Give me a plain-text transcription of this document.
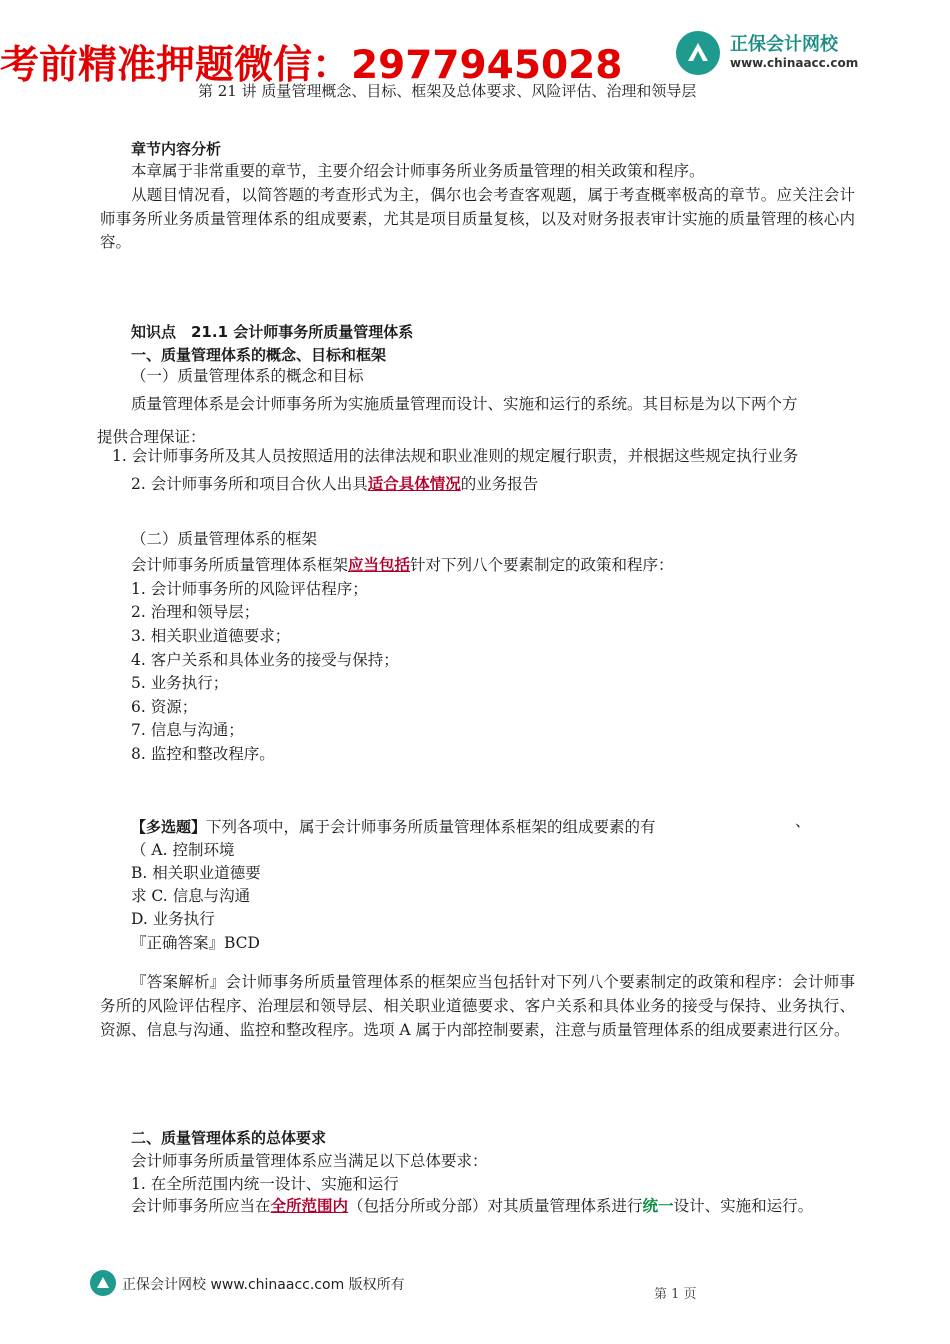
考前精准押题微信：2977945028	正保会计网校
www.chinaacc.com
第 21 讲 质量管理概念、目标、框架及总体要求、风险评估、治理和领导层
章节内容分析
本章属于非常重要的章节，主要介绍会计师事务所业务质量管理的相关政策和程序。
从题目情况看，以简答题的考查形式为主，偶尔也会考查客观题，属于考查概率极高的章节。应关注会计师事务所业务质量管理体系的组成要素，尤其是项目质量复核，以及对财务报表审计实施的质量管理的核心内容。
知识点　21.1 会计师事务所质量管理体系
一、质量管理体系的概念、目标和框架
（一）质量管理体系的概念和目标
质量管理体系是会计师事务所为实施质量管理而设计、实施和运行的系统。其目标是为以下两个方
提供合理保证：
1. 会计师事务所及其人员按照适用的法律法规和职业准则的规定履行职责，并根据这些规定执行业务
2. 会计师事务所和项目合伙人出具适合具体情况的业务报告
（二）质量管理体系的框架
会计师事务所质量管理体系框架应当包括针对下列八个要素制定的政策和程序：
1. 会计师事务所的风险评估程序；
2. 治理和领导层；
3. 相关职业道德要求；
4. 客户关系和具体业务的接受与保持；
5. 业务执行；
6. 资源；
7. 信息与沟通；
8. 监控和整改程序。
【多选题】下列各项中，属于会计师事务所质量管理体系框架的组成要素的有	、
（ A. 控制环境
B. 相关职业道德要
求 C. 信息与沟通
D. 业务执行
『正确答案』BCD
『答案解析』会计师事务所质量管理体系的框架应当包括针对下列八个要素制定的政策和程序：会计师事务所的风险评估程序、治理层和领导层、相关职业道德要求、客户关系和具体业务的接受与保持、业务执行、资源、信息与沟通、监控和整改程序。选项 A 属于内部控制要素，注意与质量管理体系的组成要素进行区分。
二、质量管理体系的总体要求
会计师事务所质量管理体系应当满足以下总体要求：
1. 在全所范围内统一设计、实施和运行
会计师事务所应当在全所范围内（包括分所或分部）对其质量管理体系进行统一设计、实施和运行。
正保会计网校 www.chinaacc.com 版权所有
第 1 页
